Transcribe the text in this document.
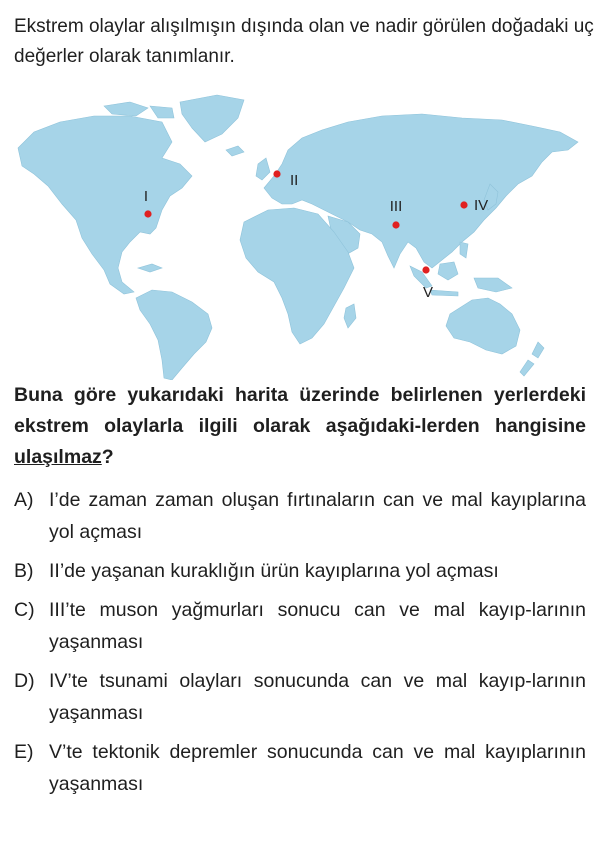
Ekstrem olaylar alışılmışın dışında olan ve nadir görülen doğadaki uç değerler olarak tanımlanır.
I
II
III	IV
V
Buna göre yukarıdaki harita üzerinde belirlenen yerlerdeki ekstrem olaylarla ilgili olarak aşağıdaki-lerden hangisine ulaşılmaz?
A) I’de zaman zaman oluşan fırtınaların can ve mal kayıplarına yol açması
B) II’de yaşanan kuraklığın ürün kayıplarına yol açması
C) III’te muson yağmurları sonucu can ve mal kayıp-larının yaşanması
D) IV’te tsunami olayları sonucunda can ve mal kayıp-larının yaşanması
E) V’te tektonik depremler sonucunda can ve mal kayıplarının yaşanması
